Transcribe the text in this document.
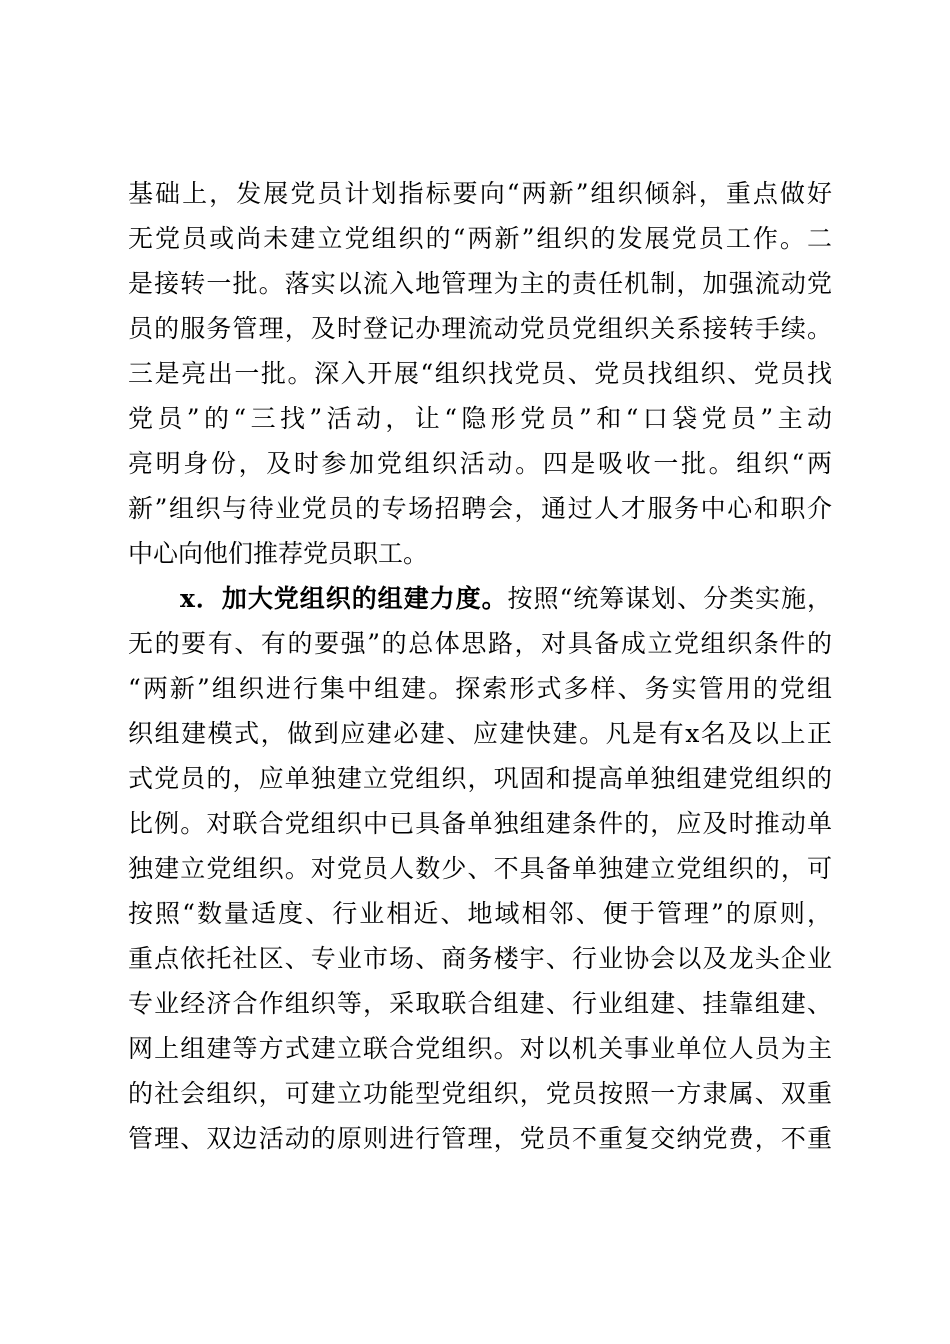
基础上，发展党员计划指标要向“两新”组织倾斜，重点做好
无党员或尚未建立党组织的“两新”组织的发展党员工作。二
是接转一批。落实以流入地管理为主的责任机制，加强流动党
员的服务管理，及时登记办理流动党员党组织关系接转手续。
三是亮出一批。深入开展“组织找党员、党员找组织、党员找
党员”的“三找”活动，让“隐形党员”和“口袋党员”主动
亮明身份，及时参加党组织活动。四是吸收一批。组织“两
新”组织与待业党员的专场招聘会，通过人才服务中心和职介
中心向他们推荐党员职工。
x．加大党组织的组建力度。按照“统筹谋划、分类实施，
无的要有、有的要强”的总体思路，对具备成立党组织条件的
“两新”组织进行集中组建。探索形式多样、务实管用的党组
织组建模式，做到应建必建、应建快建。凡是有x名及以上正
式党员的，应单独建立党组织，巩固和提高单独组建党组织的
比例。对联合党组织中已具备单独组建条件的，应及时推动单
独建立党组织。对党员人数少、不具备单独建立党组织的，可
按照“数量适度、行业相近、地域相邻、便于管理”的原则，
重点依托社区、专业市场、商务楼宇、行业协会以及龙头企业
专业经济合作组织等，采取联合组建、行业组建、挂靠组建、
网上组建等方式建立联合党组织。对以机关事业单位人员为主
的社会组织，可建立功能型党组织，党员按照一方隶属、双重
管理、双边活动的原则进行管理，党员不重复交纳党费，不重
